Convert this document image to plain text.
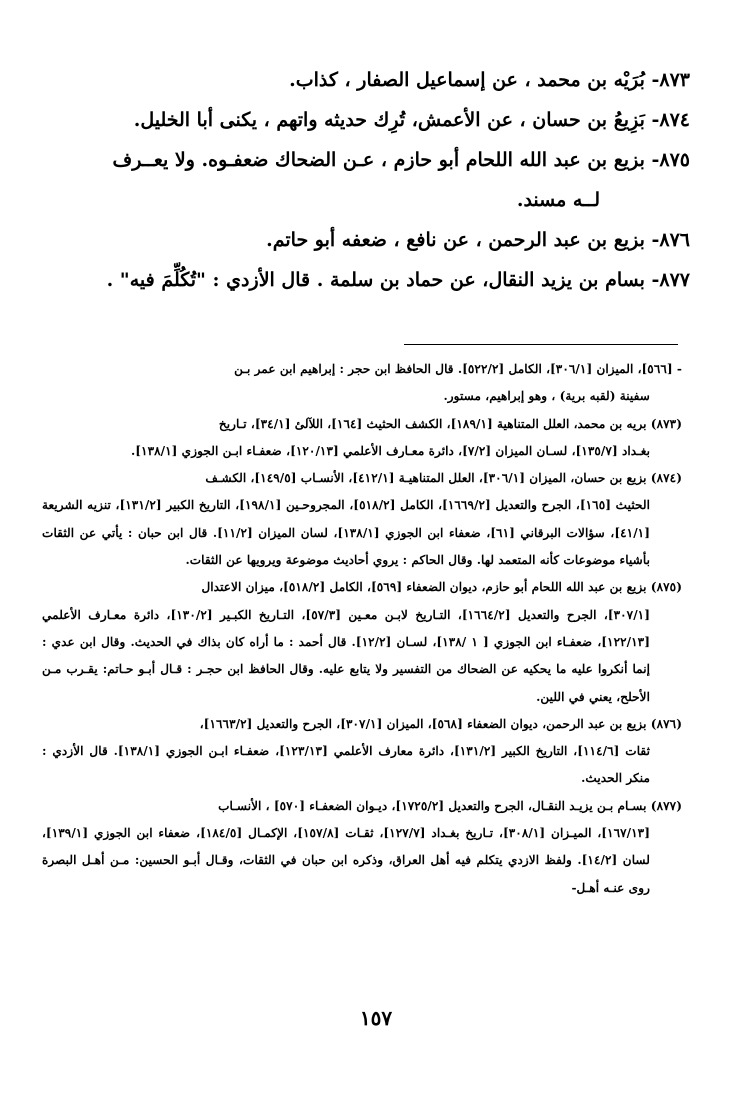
٨٧٣- بُرَيْه بن محمد ، عن إسماعيل الصفار ، كذاب.
٨٧٤- بَزِيعُ بن حسان ، عن الأعمش، تُرِك حديثه واتهم ، يكنى أبا الخليل.
٨٧٥- بزيع بن عبد الله اللحام أبو حازم ، عـن الضحاك ضعفـوه. ولا يعــرف
لــه مسند.
٨٧٦- بزيع بن عبد الرحمن ، عن نافع ، ضعفه أبو حاتم.
٨٧٧- بسام بن يزيد النقال، عن حماد بن سلمة . قال الأزدي : "تُكُلِّمَ فيه" .
- [٥٦٦]، الميزان [٣٠٦/١]، الكامل [٥٢٢/٢]. قال الحافظ ابن حجر : إبراهيم ابن عمر بـن
سفينة (لقبه برية) ، وهو إبراهيم، مستور.
(٨٧٣) بريه بن محمد، العلل المتناهية [١٨٩/١]، الكشف الحثيث [١٦٤]، اللآلئ [٣٤/١]، تـاريخ
بغـداد [١٣٥/٧]، لسـان الميزان [٧/٢]، دائرة معـارف الأعلمي [١٢٠/١٣]، ضعفـاء ابـن الجوزي [١٣٨/١].
(٨٧٤) بزيع بن حسان، الميزان [٣٠٦/١]، العلل المتناهيـة [٤١٢/١]، الأنسـاب [١٤٩/٥]، الكشـف
الحثيث [١٦٥]، الجرح والتعديل [١٦٦٩/٢]، الكامل [٥١٨/٢]، المجروحـين [١٩٨/١]، التاريخ الكبير [١٣١/٢]، تنزيه الشريعة [٤١/١]، سؤالات البرقاني [٦١]، ضعفاء ابن الجوزي [١٣٨/١]، لسان الميزان [١١/٢]. قال ابن حبان : يأتي عن الثقات بأشياء موضوعات كأنه المتعمد لها. وقال الحاكم : يروي أحاديث موضوعة ويرويها عن الثقات.
(٨٧٥) بزيع بن عبد الله اللحام أبو حازم، ديوان الضعفاء [٥٦٩]، الكامل [٥١٨/٢]، ميزان الاعتدال
[٣٠٧/١]، الجرح والتعديل [١٦٦٤/٢]، التـاريخ لابـن معـين [٥٧/٣]، التـاريخ الكبـير [١٣٠/٢]، دائرة معـارف الأعلمي [١٢٢/١٣]، ضعفـاء ابن الجوزي [ ١ /١٣٨]، لسـان [١٢/٢]. قال أحمد : ما أراه كان بذاك في الحديث. وقال ابن عدي : إنما أنكروا عليه ما يحكيه عن الضحاك من التفسير ولا يتابع عليه. وقال الحافظ ابن حجـر : قـال أبـو حـاتم: يقـرب مـن الأحلح، يعني في اللين.
(٨٧٦) بزيع بن عبد الرحمن، ديوان الضعفاء [٥٦٨]، الميزان [٣٠٧/١]، الجرح والتعديل [١٦٦٣/٢]،
ثقات [١١٤/٦]، التاريخ الكبير [١٣١/٢]، دائرة معارف الأعلمي [١٢٣/١٣]، ضعفـاء ابـن الجوزي [١٣٨/١]. قال الأزدي : منكر الحديث.
(٨٧٧) بسـام بـن يزيـد النقـال، الجرح والتعديل [١٧٢٥/٢]، ديـوان الضعفـاء [٥٧٠] ، الأنسـاب
[١٦٧/١٣]، الميـزان [٣٠٨/١]، تـاريخ بغـداد [١٢٧/٧]، ثقـات [١٥٧/٨]، الإكمـال [١٨٤/٥]، ضعفاء ابن الجوزي [١٣٩/١]، لسان [١٤/٢]. ولفظ الازدي يتكلم فيه أهل العراق، وذكره ابن حبان في الثقات، وقـال أبـو الحسين: مـن أهـل البصرة روى عنـه أهـل-
١٥٧
